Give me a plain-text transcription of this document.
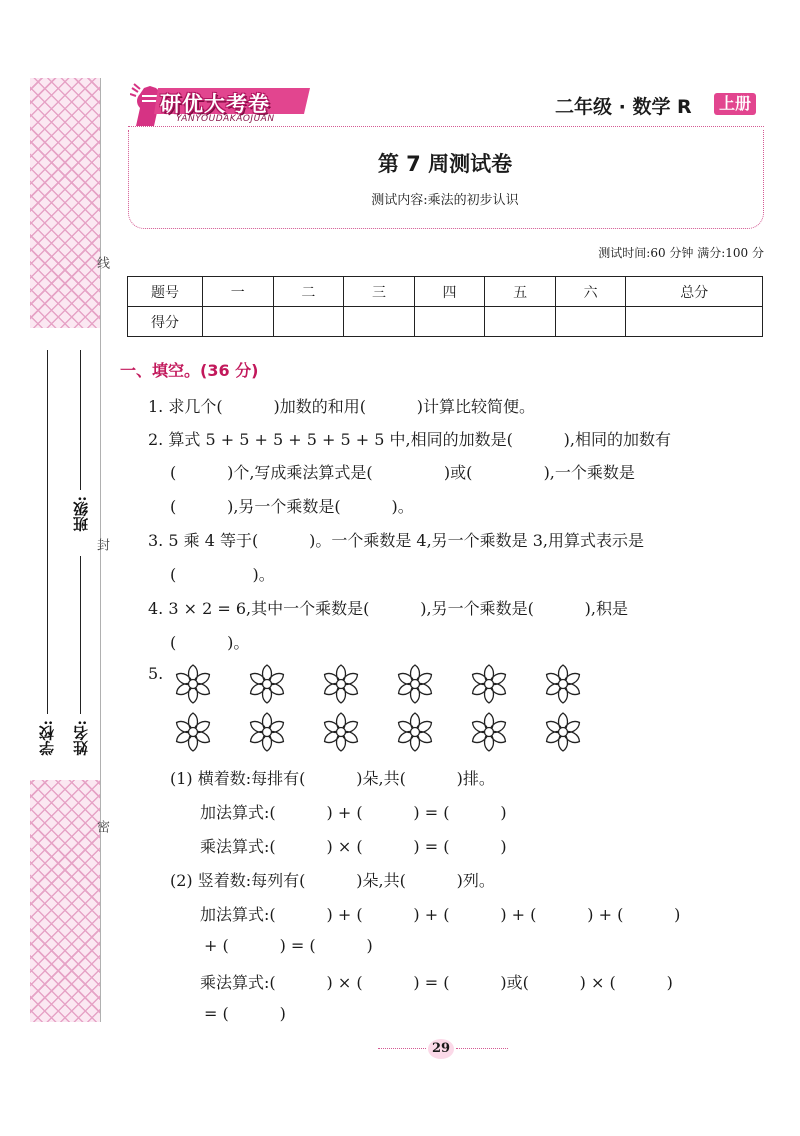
线
封
密
班级:
学校: 姓名:
研优大考卷
YANYOUDAKAOJUAN
二年级 · 数学 R	上册
第 7 周测试卷
测试内容:乘法的初步认识
测试时间:60 分钟 满分:100 分
题号	一	二	三	四	五	六	总分
得分							
一、填空。(36 分)
1. 求几个(          )加数的和用(          )计算比较简便。
2. 算式 5 + 5 + 5 + 5 + 5 + 5 中,相同的加数是(          ),相同的加数有
(          )个,写成乘法算式是(              )或(              ),一个乘数是
(          ),另一个乘数是(          )。
3. 5 乘 4 等于(          )。一个乘数是 4,另一个乘数是 3,用算式表示是
(               )。
4. 3 × 2 = 6,其中一个乘数是(          ),另一个乘数是(          ),积是
(          )。
5.
(1) 横着数:每排有(          )朵,共(          )排。
加法算式:(          ) + (          ) = (          )
乘法算式:(          ) × (          ) = (          )
(2) 竖着数:每列有(          )朵,共(          )列。
加法算式:(          ) + (          ) + (          ) + (          ) + (          )
+ (          ) = (          )
乘法算式:(          ) × (          ) = (          )或(          ) × (          )
= (          )
29
